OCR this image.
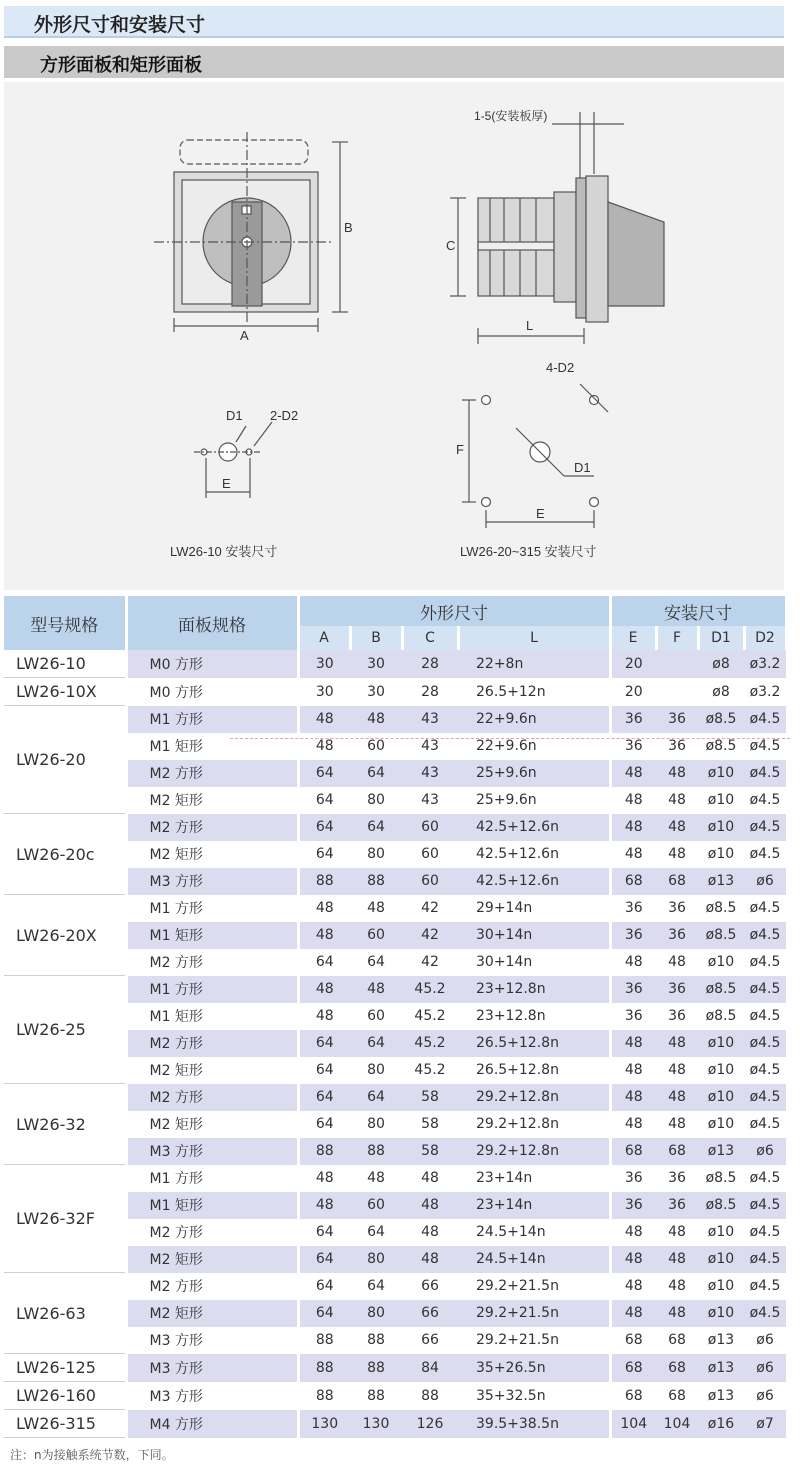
外形尺寸和安装尺寸
方形面板和矩形面板
A
B
C
L
1-5(安装板厚)
D1 2-D2
E
4-D2
F
D1
E
LW26-10 安装尺寸	LW26-20~315 安装尺寸
型号规格	面板规格	外形尺寸				安装尺寸			
		A	B	C	L	E	F	D1	D2
LW26-10	M0 方形	30	30	28	22+8n	20		ø8	ø3.2
LW26-10X	M0 方形	30	30	28	26.5+12n	20		ø8	ø3.2
LW26-20	M1 方形	48	48	43	22+9.6n	36	36	ø8.5	ø4.5
	M1 矩形	48	60	43	22+9.6n	36	36	ø8.5	ø4.5
	M2 方形	64	64	43	25+9.6n	48	48	ø10	ø4.5
	M2 矩形	64	80	43	25+9.6n	48	48	ø10	ø4.5
LW26-20c	M2 方形	64	64	60	42.5+12.6n	48	48	ø10	ø4.5
	M2 矩形	64	80	60	42.5+12.6n	48	48	ø10	ø4.5
	M3 方形	88	88	60	42.5+12.6n	68	68	ø13	ø6
LW26-20X	M1 方形	48	48	42	29+14n	36	36	ø8.5	ø4.5
	M1 矩形	48	60	42	30+14n	36	36	ø8.5	ø4.5
	M2 方形	64	64	42	30+14n	48	48	ø10	ø4.5
LW26-25	M1 方形	48	48	45.2	23+12.8n	36	36	ø8.5	ø4.5
	M1 矩形	48	60	45.2	23+12.8n	36	36	ø8.5	ø4.5
	M2 方形	64	64	45.2	26.5+12.8n	48	48	ø10	ø4.5
	M2 矩形	64	80	45.2	26.5+12.8n	48	48	ø10	ø4.5
LW26-32	M2 方形	64	64	58	29.2+12.8n	48	48	ø10	ø4.5
	M2 矩形	64	80	58	29.2+12.8n	48	48	ø10	ø4.5
	M3 方形	88	88	58	29.2+12.8n	68	68	ø13	ø6
LW26-32F	M1 方形	48	48	48	23+14n	36	36	ø8.5	ø4.5
	M1 矩形	48	60	48	23+14n	36	36	ø8.5	ø4.5
	M2 方形	64	64	48	24.5+14n	48	48	ø10	ø4.5
	M2 矩形	64	80	48	24.5+14n	48	48	ø10	ø4.5
LW26-63	M2 方形	64	64	66	29.2+21.5n	48	48	ø10	ø4.5
	M2 矩形	64	80	66	29.2+21.5n	48	48	ø10	ø4.5
	M3 方形	88	88	66	29.2+21.5n	68	68	ø13	ø6
LW26-125	M3 方形	88	88	84	35+26.5n	68	68	ø13	ø6
LW26-160	M3 方形	88	88	88	35+32.5n	68	68	ø13	ø6
LW26-315	M4 方形	130	130	126	39.5+38.5n	104	104	ø16	ø7
注：n为接触系统节数，下同。
